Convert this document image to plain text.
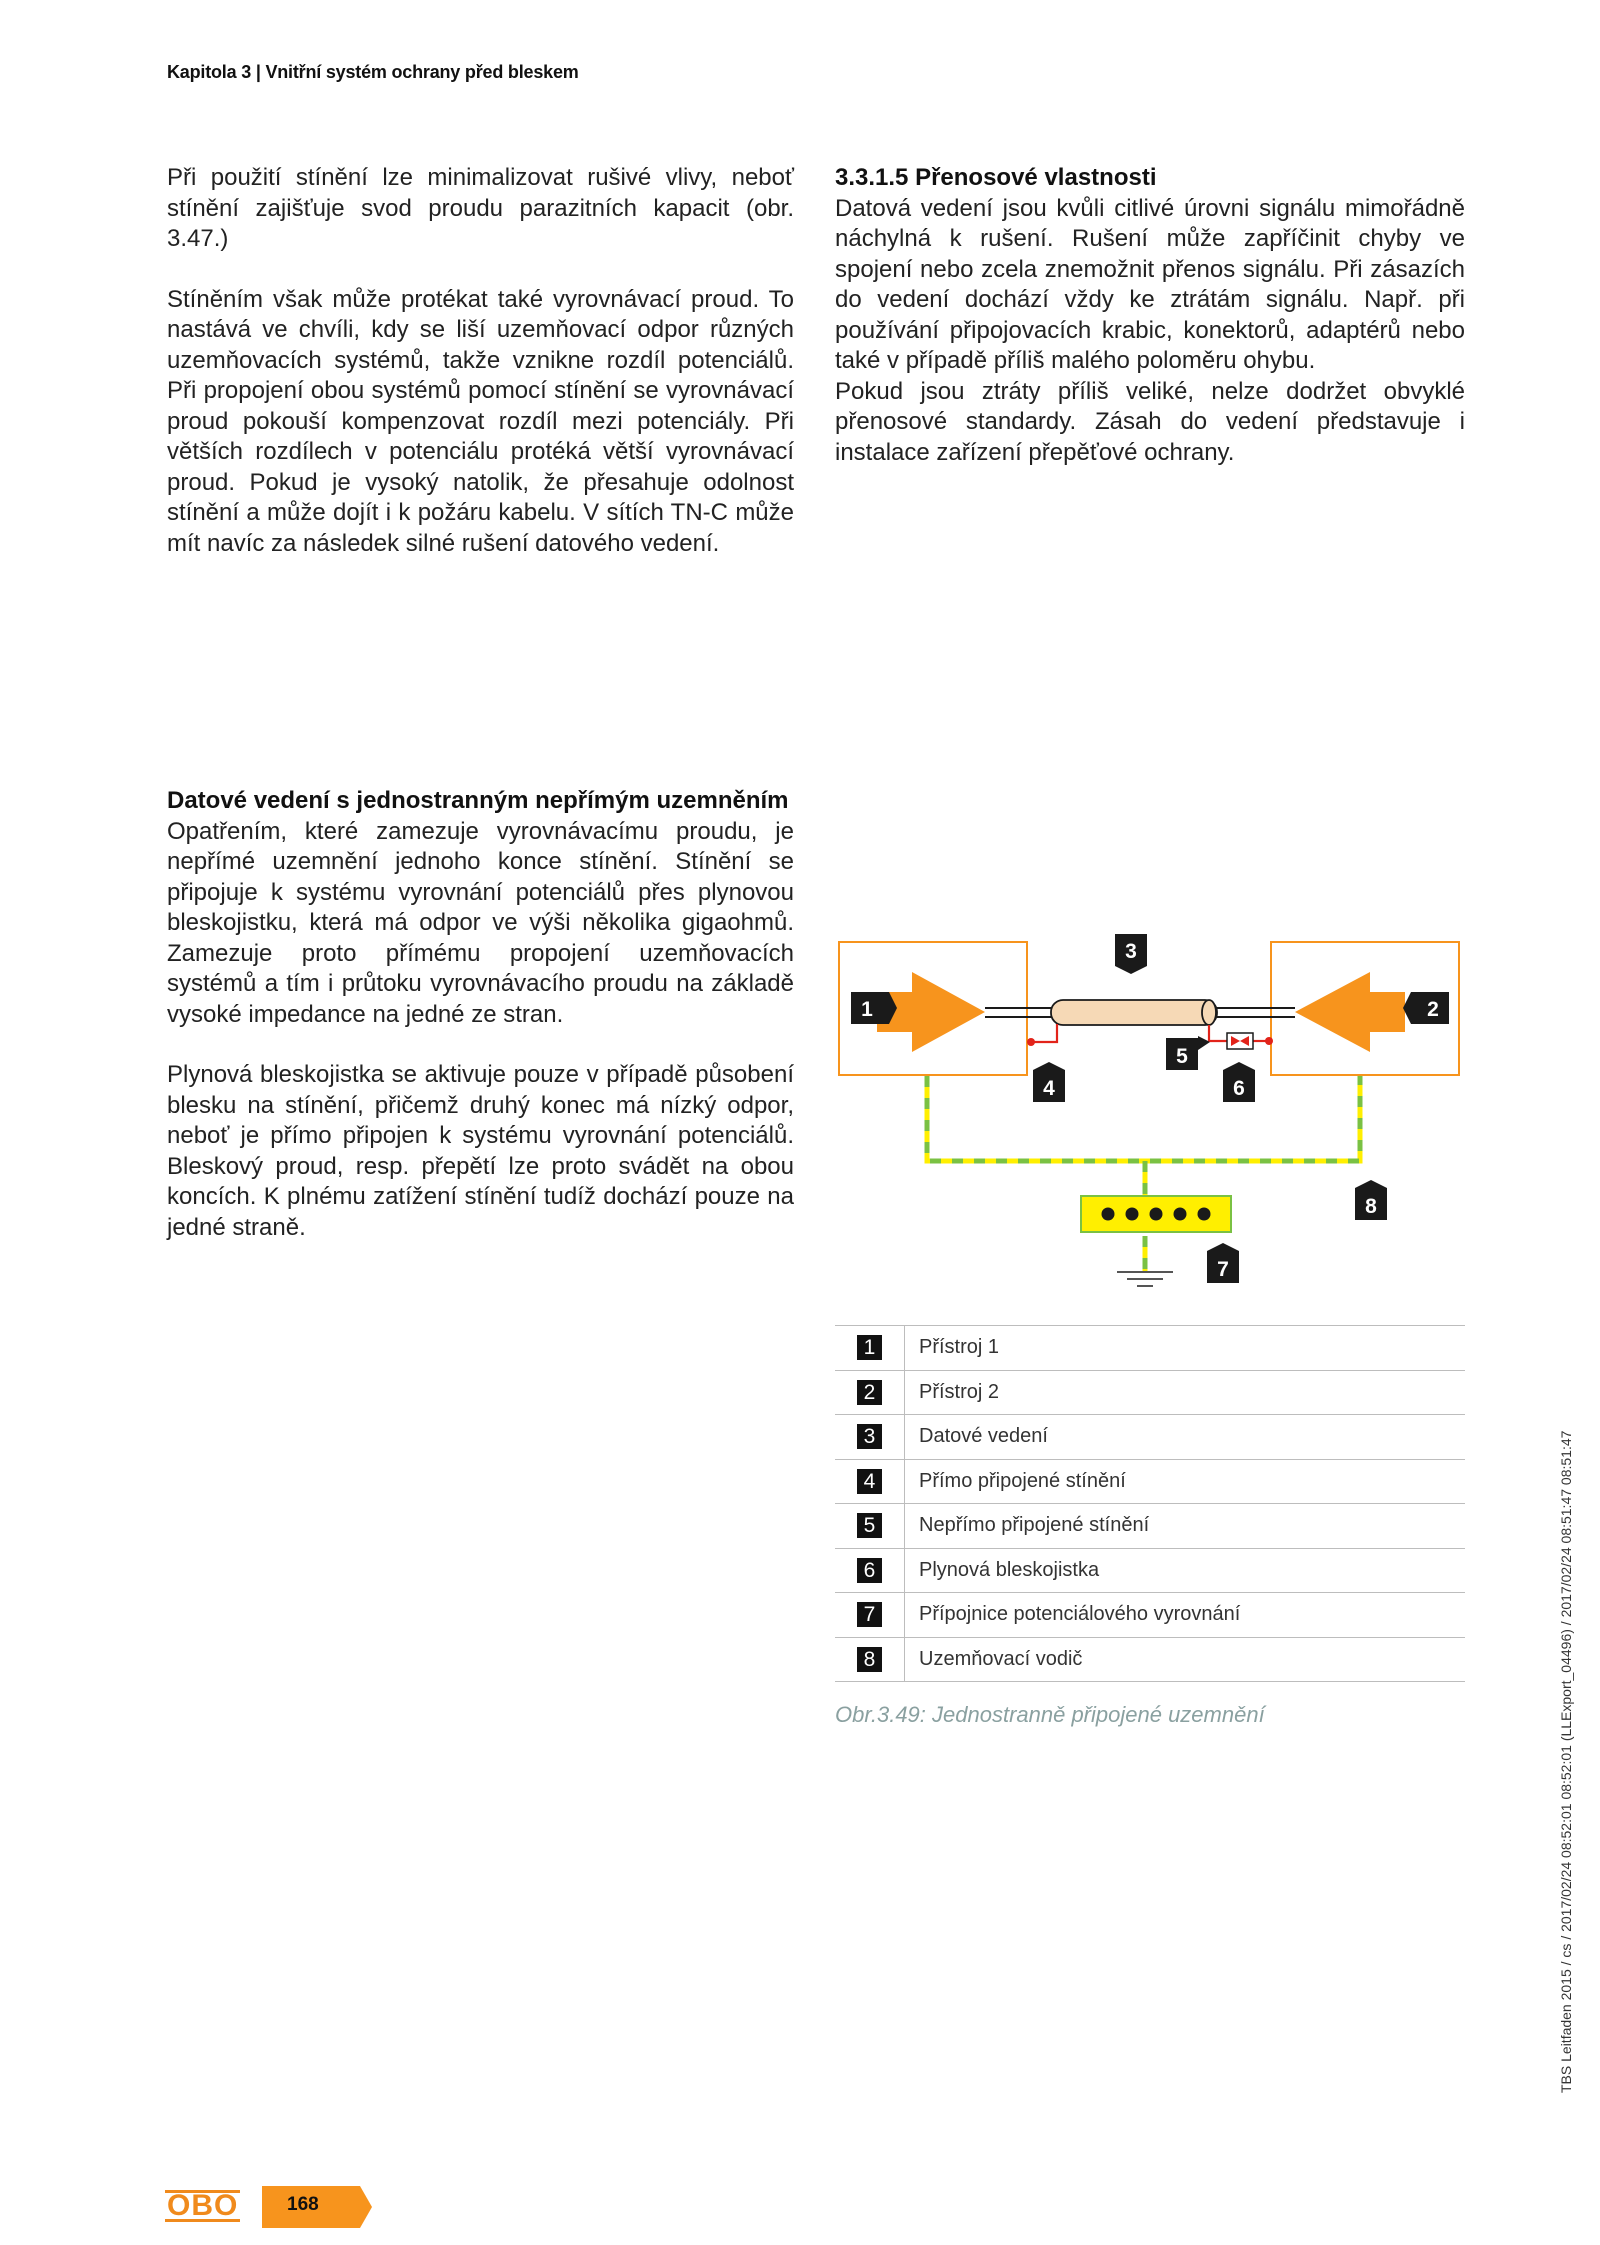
Kapitola 3 | Vnitřní systém ochrany před bleskem

Při použití stínění lze minimalizovat rušivé vlivy, neboť stínění zajišťuje svod proudu parazitních kapacit (obr. 3.47.)

Stíněním však může protékat také vyrovnávací proud. To nastává ve chvíli, kdy se liší uzemňovací odpor různých uzemňovacích systémů, takže vznikne rozdíl potenciálů. Při propojení obou systémů pomocí stínění se vyrovnávací proud pokouší kompenzovat rozdíl mezi potenciály. Při větších rozdílech v potenciálu protéká větší vyrovnávací proud. Pokud je vysoký natolik, že přesahuje odolnost stínění a může dojít i k požáru kabelu. V sítích TN-C může mít navíc za následek silné rušení datového vedení.

Datové vedení s jednostranným nepřímým uzemněním

Opatřením, které zamezuje vyrovnávacímu proudu, je nepřímé uzemnění jednoho konce stínění. Stínění se připojuje k systému vyrovnání potenciálů přes plynovou bleskojistku, která má odpor ve výši několika gigaohmů. Zamezuje proto přímému propojení uzemňovacích systémů a tím i průtoku vyrovnávacího proudu na základě vysoké impedance na jedné ze stran.

Plynová bleskojistka se aktivuje pouze v případě působení blesku na stínění, přičemž druhý konec má nízký odpor, neboť je přímo připojen k systému vyrovnání potenciálů. Bleskový proud, resp. přepětí lze proto svádět na obou koncích. K plnému zatížení stínění tudíž dochází pouze na jedné straně.

3.3.1.5 Přenosové vlastnosti

Datová vedení jsou kvůli citlivé úrovni signálu mimořádně náchylná k rušení. Rušení může zapříčinit chyby ve spojení nebo zcela znemožnit přenos signálu. Při zásazích do vedení dochází vždy ke ztrátám signálu. Např. při používání připojovacích krabic, konektorů, adaptérů nebo také v případě příliš malého poloměru ohybu.

Pokud jsou ztráty příliš veliké, nelze dodržet obvyklé přenosové standardy. Zásah do vedení představuje i instalace zařízení přepěťové ochrany.

1	2
3
4
5
6
7
8
1	Přístroj 1
2	Přístroj 2
3	Datové vedení
4	Přímo připojené stínění
5	Nepřímo připojené stínění
6	Plynová bleskojistka
7	Přípojnice potenciálového vyrovnání
8	Uzemňovací vodič
Obr.3.49: Jednostranně připojené uzemnění	TBS Leitfaden 2015 / cs / 2017/02/24 08:52:01 08:52:01 (LLExport_04496) / 2017/02/24 08:51:47 08:51:47
OBO	168
